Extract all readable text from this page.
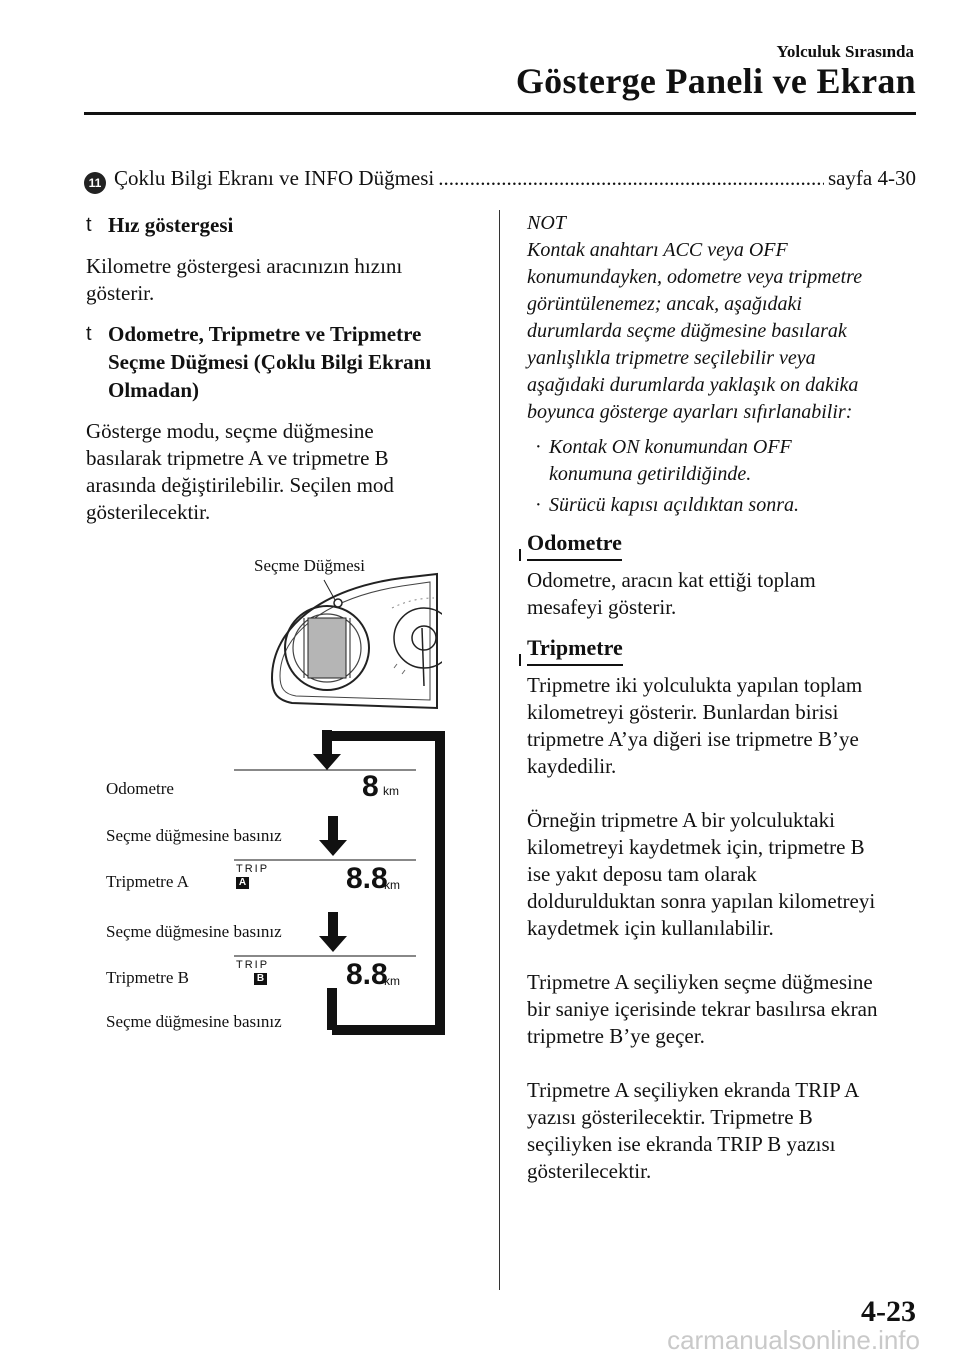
Yolculuk Sırasında
Gösterge Paneli ve Ekran
11 Çoklu Bilgi Ekranı ve INFO Düğmesi
.....	sayfa 4-30
t Hız göstergesi
Kilometre göstergesi aracınızın hızını
gösterir.
t Odometre, Tripmetre ve Tripmetre
Seçme Düğmesi (Çoklu Bilgi Ekranı
Olmadan)
Gösterge modu, seçme düğmesine
basılarak tripmetre A ve tripmetre B
arasında değiştirilebilir. Seçilen mod
gösterilecektir.
Seçme Düğmesi
Odometre	8 km
Seçme düğmesine basınız
Tripmetre A
TRIP
A	8.8
km
Seçme düğmesine basınız
Tripmetre B
TRIP
B	8.8
km
Seçme düğmesine basınız
NOT
Kontak anahtarı ACC veya OFF
konumundayken, odometre veya tripmetre
görüntülenemez; ancak, aşağıdaki
durumlarda seçme düğmesine basılarak
yanlışlıkla tripmetre seçilebilir veya
aşağıdaki durumlarda yaklaşık on dakika
boyunca gösterge ayarları sıfırlanabilir:
· Kontak ON konumundan OFF
konumuna getirildiğinde.
· Sürücü kapısı açıldıktan sonra.
Odometre
Odometre, aracın kat ettiği toplam
mesafeyi gösterir.
Tripmetre
Tripmetre iki yolculukta yapılan toplam
kilometreyi gösterir. Bunlardan birisi
tripmetre A’ya diğeri ise tripmetre B’ye
kaydedilir.
Örneğin tripmetre A bir yolculuktaki
kilometreyi kaydetmek için, tripmetre B
ise yakıt deposu tam olarak
doldurulduktan sonra yapılan kilometreyi
kaydetmek için kullanılabilir.
Tripmetre A seçiliyken seçme düğmesine
bir saniye içerisinde tekrar basılırsa ekran
tripmetre B’ye geçer.
Tripmetre A seçiliyken ekranda TRIP A
yazısı gösterilecektir. Tripmetre B
seçiliyken ise ekranda TRIP B yazısı
gösterilecektir.
4-23
carmanualsonline.info
